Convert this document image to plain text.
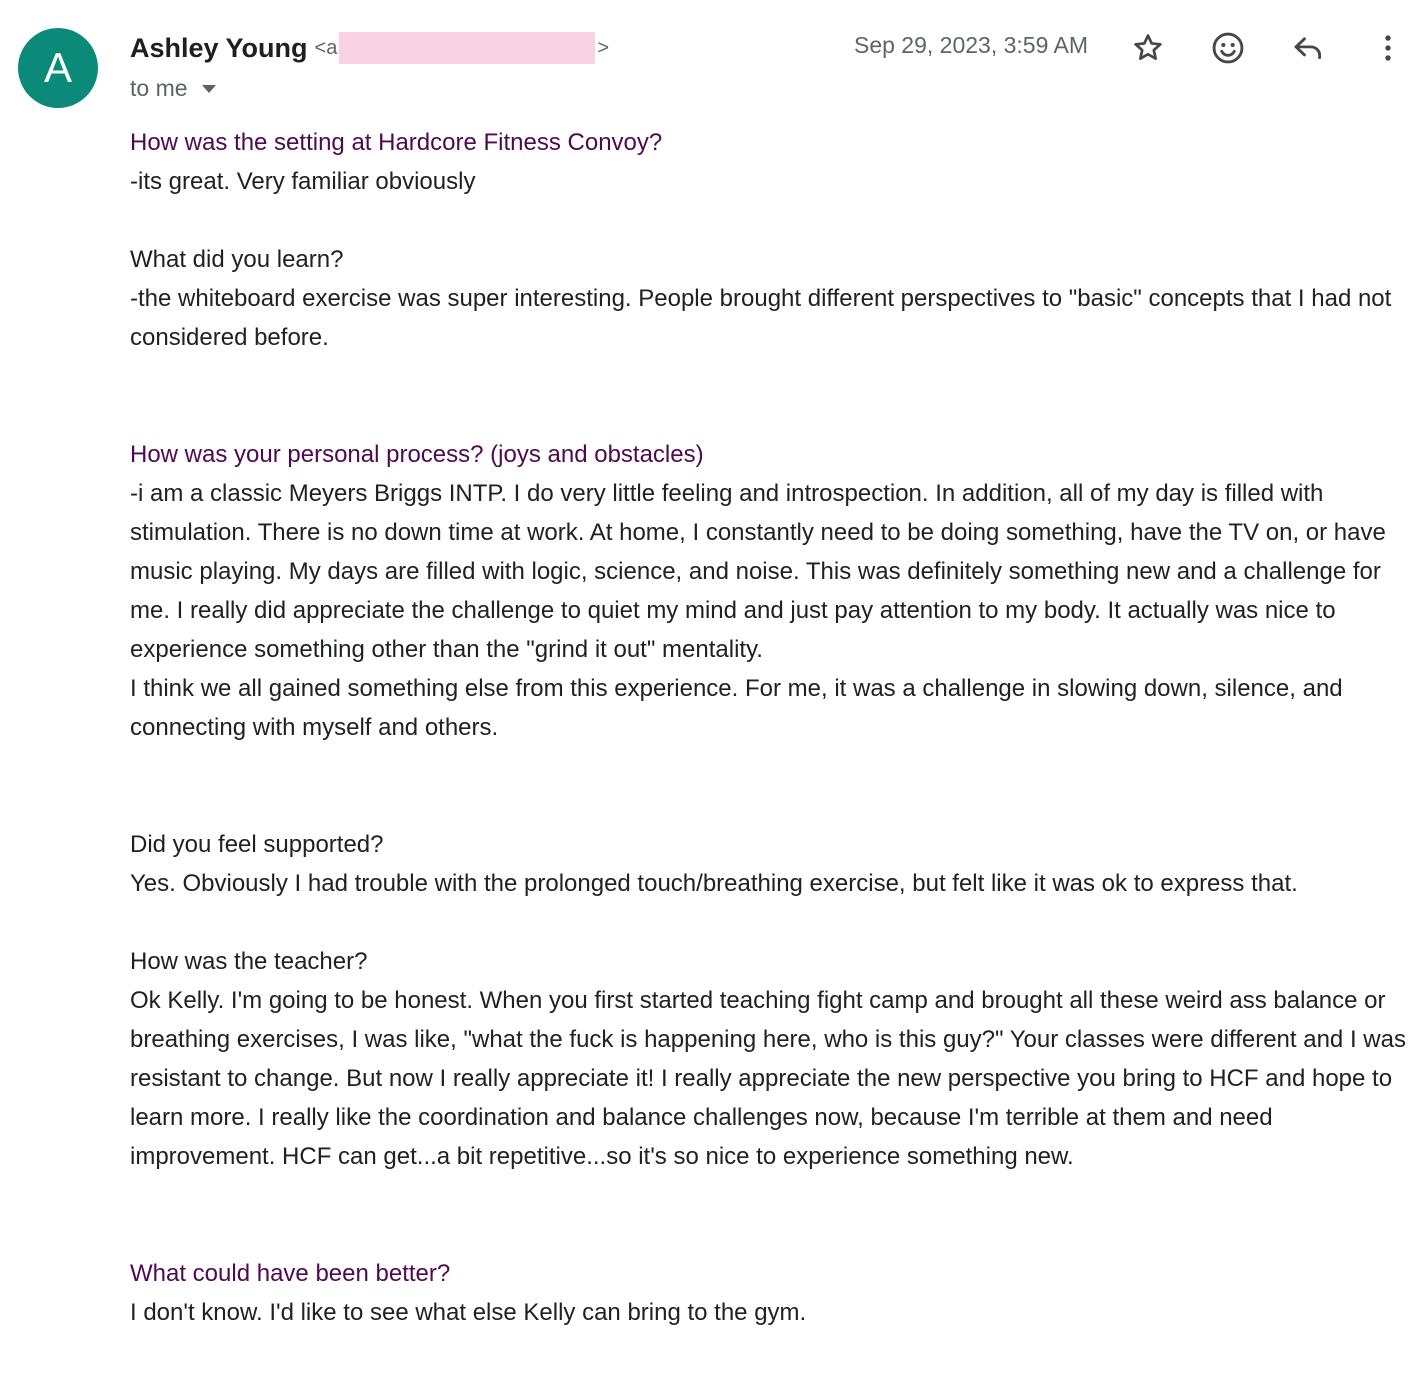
A	Ashley Young <a	>
to me
Sep 29, 2023, 3:59 AM

How was the setting at Hardcore Fitness Convoy?

-its great. Very familiar obviously

What did you learn?

-the whiteboard exercise was super interesting. People brought different perspectives to "basic" concepts that I had not considered before.

How was your personal process? (joys and obstacles)

-i am a classic Meyers Briggs INTP. I do very little feeling and introspection. In addition, all of my day is filled with stimulation. There is no down time at work. At home, I constantly need to be doing something, have the TV on, or have music playing. My days are filled with logic, science, and noise. This was definitely something new and a challenge for me. I really did appreciate the challenge to quiet my mind and just pay attention to my body. It actually was nice to experience something other than the "grind it out" mentality.

I think we all gained something else from this experience. For me, it was a challenge in slowing down, silence, and connecting with myself and others.

Did you feel supported?

Yes. Obviously I had trouble with the prolonged touch/breathing exercise, but felt like it was ok to express that.

How was the teacher?

Ok Kelly. I'm going to be honest. When you first started teaching fight camp and brought all these weird ass balance or breathing exercises, I was like, "what the fuck is happening here, who is this guy?" Your classes were different and I was resistant to change. But now I really appreciate it! I really appreciate the new perspective you bring to HCF and hope to learn more. I really like the coordination and balance challenges now, because I'm terrible at them and need improvement. HCF can get...a bit repetitive...so it's so nice to experience something new.

What could have been better?

I don't know. I'd like to see what else Kelly can bring to the gym.
